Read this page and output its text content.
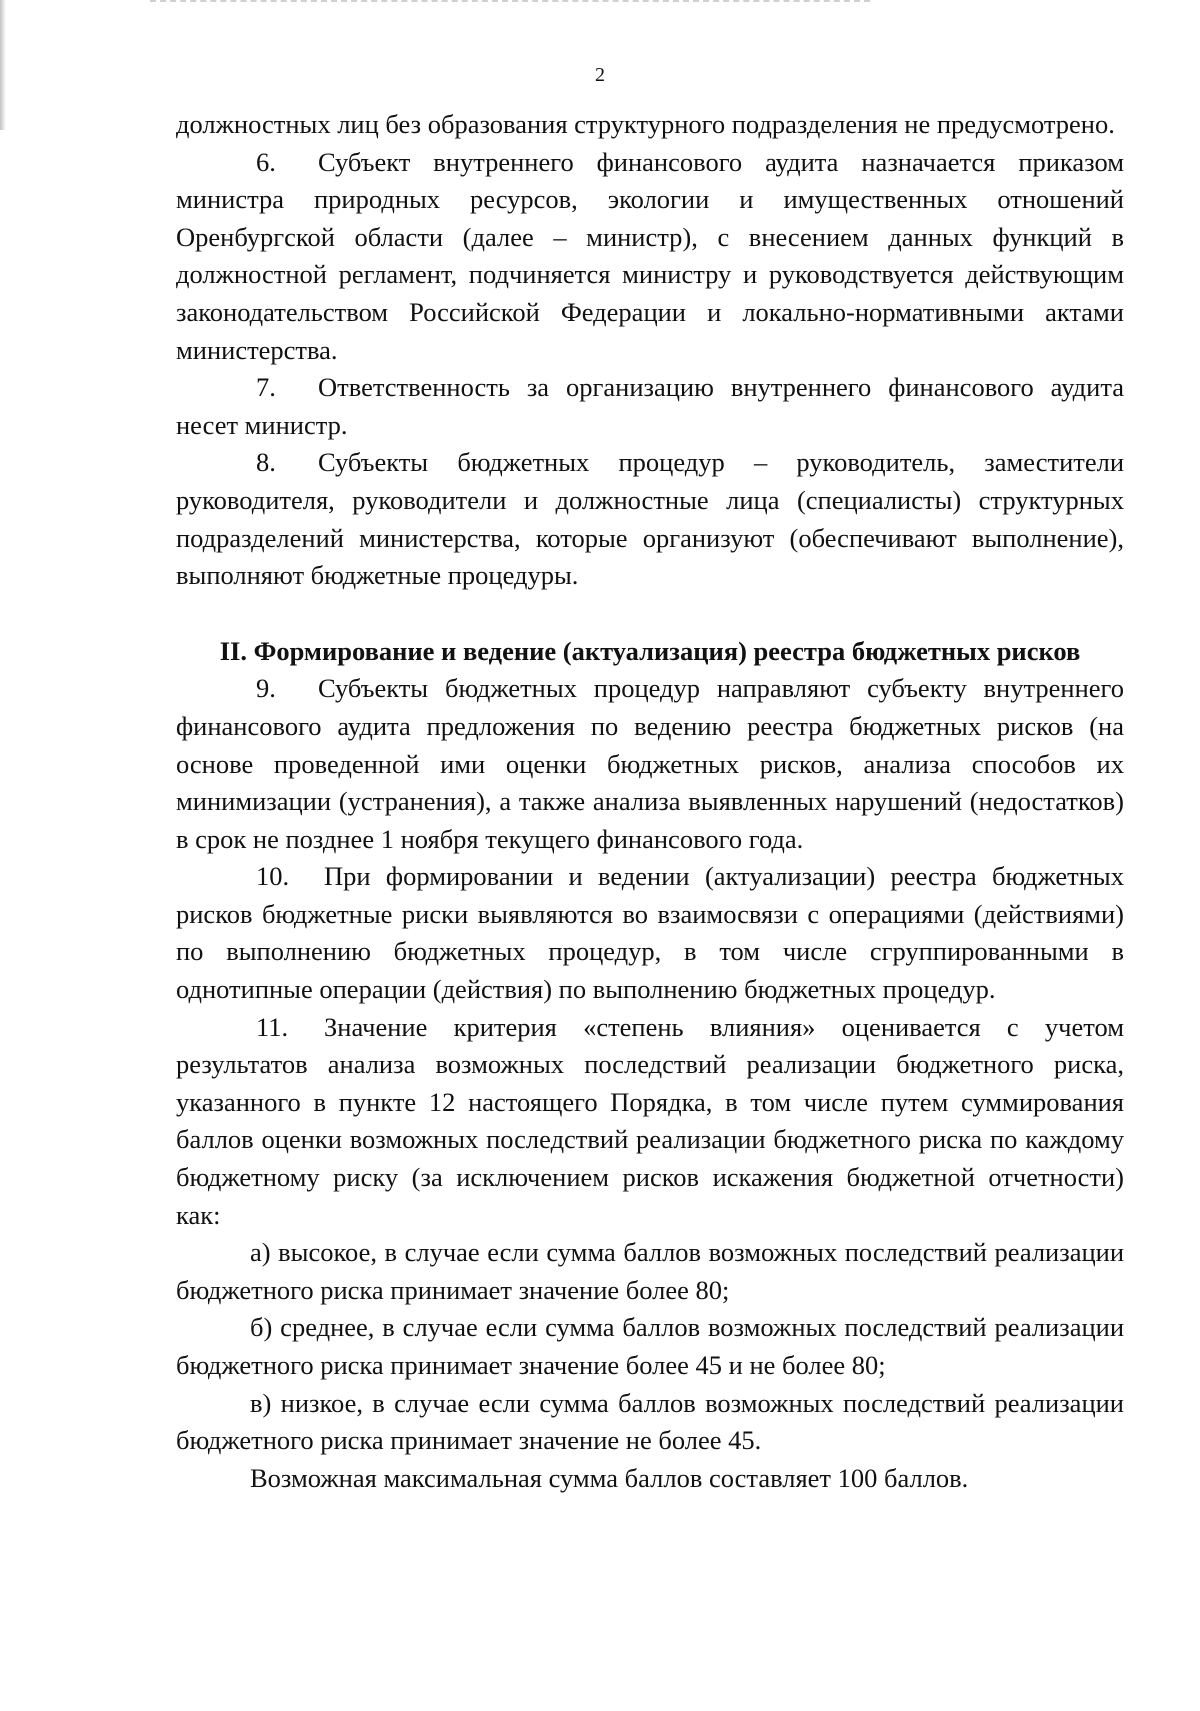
2

должностных лиц без образования структурного подразделения не предусмотрено.

6. Субъект внутреннего финансового аудита назначается приказом министра природных ресурсов, экологии и имущественных отношений Оренбургской области (далее – министр), с внесением данных функций в должностной регламент, подчиняется министру и руководствуется действующим законодательством Российской Федерации и локально-нормативными актами министерства.

7. Ответственность за организацию внутреннего финансового аудита несет министр.

8. Субъекты бюджетных процедур – руководитель, заместители руководителя, руководители и должностные лица (специалисты) структурных подразделений министерства, которые организуют (обеспечивают выполнение), выполняют бюджетные процедуры.

II. Формирование и ведение (актуализация) реестра бюджетных рисков

9. Субъекты бюджетных процедур направляют субъекту внутреннего финансового аудита предложения по ведению реестра бюджетных рисков (на основе проведенной ими оценки бюджетных рисков, анализа способов их минимизации (устранения), а также анализа выявленных нарушений (недостатков) в срок не позднее 1 ноября текущего финансового года.

10. При формировании и ведении (актуализации) реестра бюджетных рисков бюджетные риски выявляются во взаимосвязи с операциями (действиями) по выполнению бюджетных процедур, в том числе сгруппированными в однотипные операции (действия) по выполнению бюджетных процедур.

11. Значение критерия «степень влияния» оценивается с учетом результатов анализа возможных последствий реализации бюджетного риска, указанного в пункте 12 настоящего Порядка, в том числе путем суммирования баллов оценки возможных последствий реализации бюджетного риска по каждому бюджетному риску (за исключением рисков искажения бюджетной отчетности) как:

а) высокое, в случае если сумма баллов возможных последствий реализации бюджетного риска принимает значение более 80;

б) среднее, в случае если сумма баллов возможных последствий реализации бюджетного риска принимает значение более 45 и не более 80;

в) низкое, в случае если сумма баллов возможных последствий реализации бюджетного риска принимает значение не более 45.

Возможная максимальная сумма баллов составляет 100 баллов.
